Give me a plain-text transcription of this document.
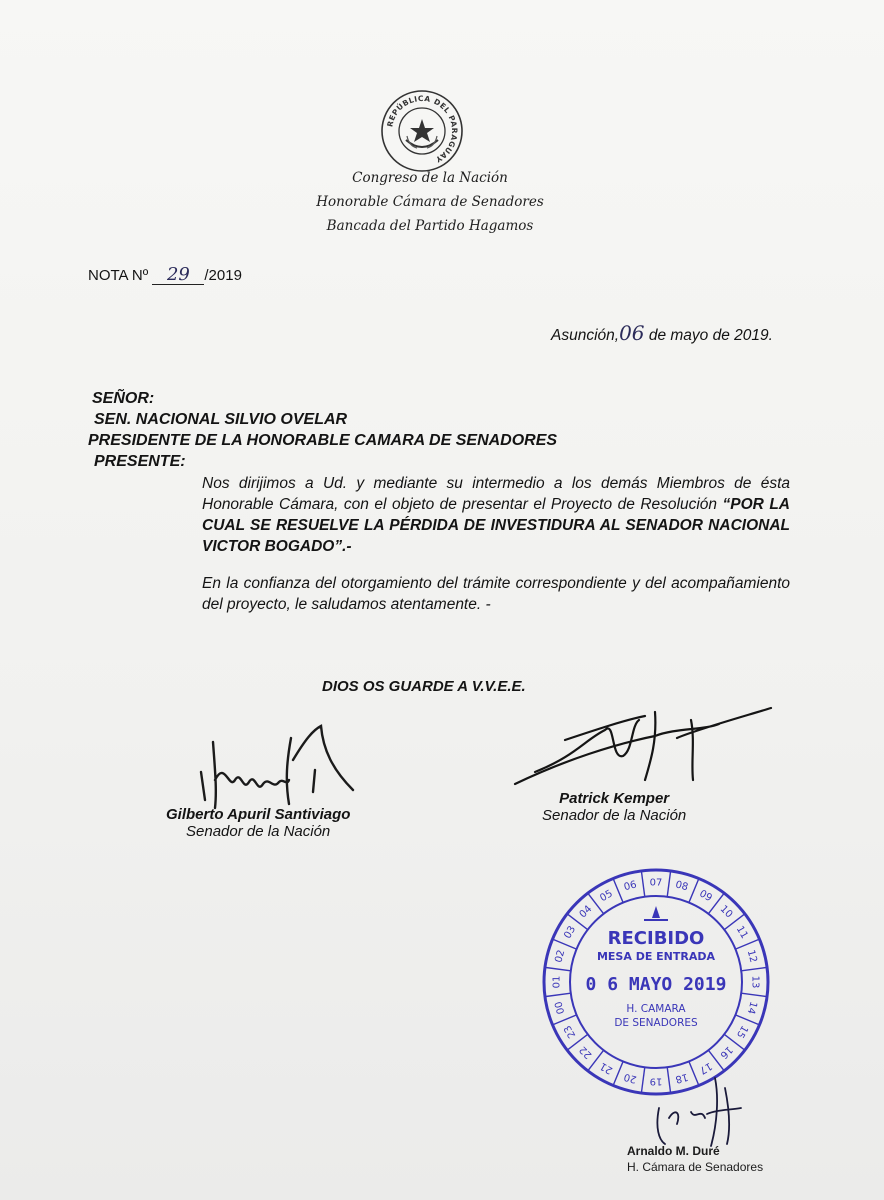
REPÚBLICA DEL PARAGUAY
Congreso de la Nación
Honorable Cámara de Senadores
Bancada del Partido Hagamos
NOTA Nº 29 /2019
Asunción,06 de mayo de 2019.
SEÑOR:
SEN. NACIONAL SILVIO OVELAR
PRESIDENTE DE LA HONORABLE CAMARA DE SENADORES
PRESENTE:

Nos dirijimos a Ud. y mediante su intermedio a los demás Miembros de ésta Honorable Cámara, con el objeto de presentar el Proyecto de Resolución “POR LA CUAL SE RESUELVE LA PÉRDIDA DE INVESTIDURA AL SENADOR NACIONAL VICTOR BOGADO”.-

En la confianza del otorgamiento del trámite correspondiente y del acompañamiento del proyecto, le saludamos atentamente. -

DIOS OS GUARDE A V.V.E.E.
Gilberto Apuril Santiviago
Senador de la Nación
Patrick Kemper
Senador de la Nación
01
02
03
04
05
06 07 08
09
10
11
12
13
14
15
16
17
18
19
20
21
22
23
00
RECIBIDO
MESA DE ENTRADA
0 6 MAYO 2019
H. CAMARA
DE SENADORES
Arnaldo M. Duré
H. Cámara de Senadores
